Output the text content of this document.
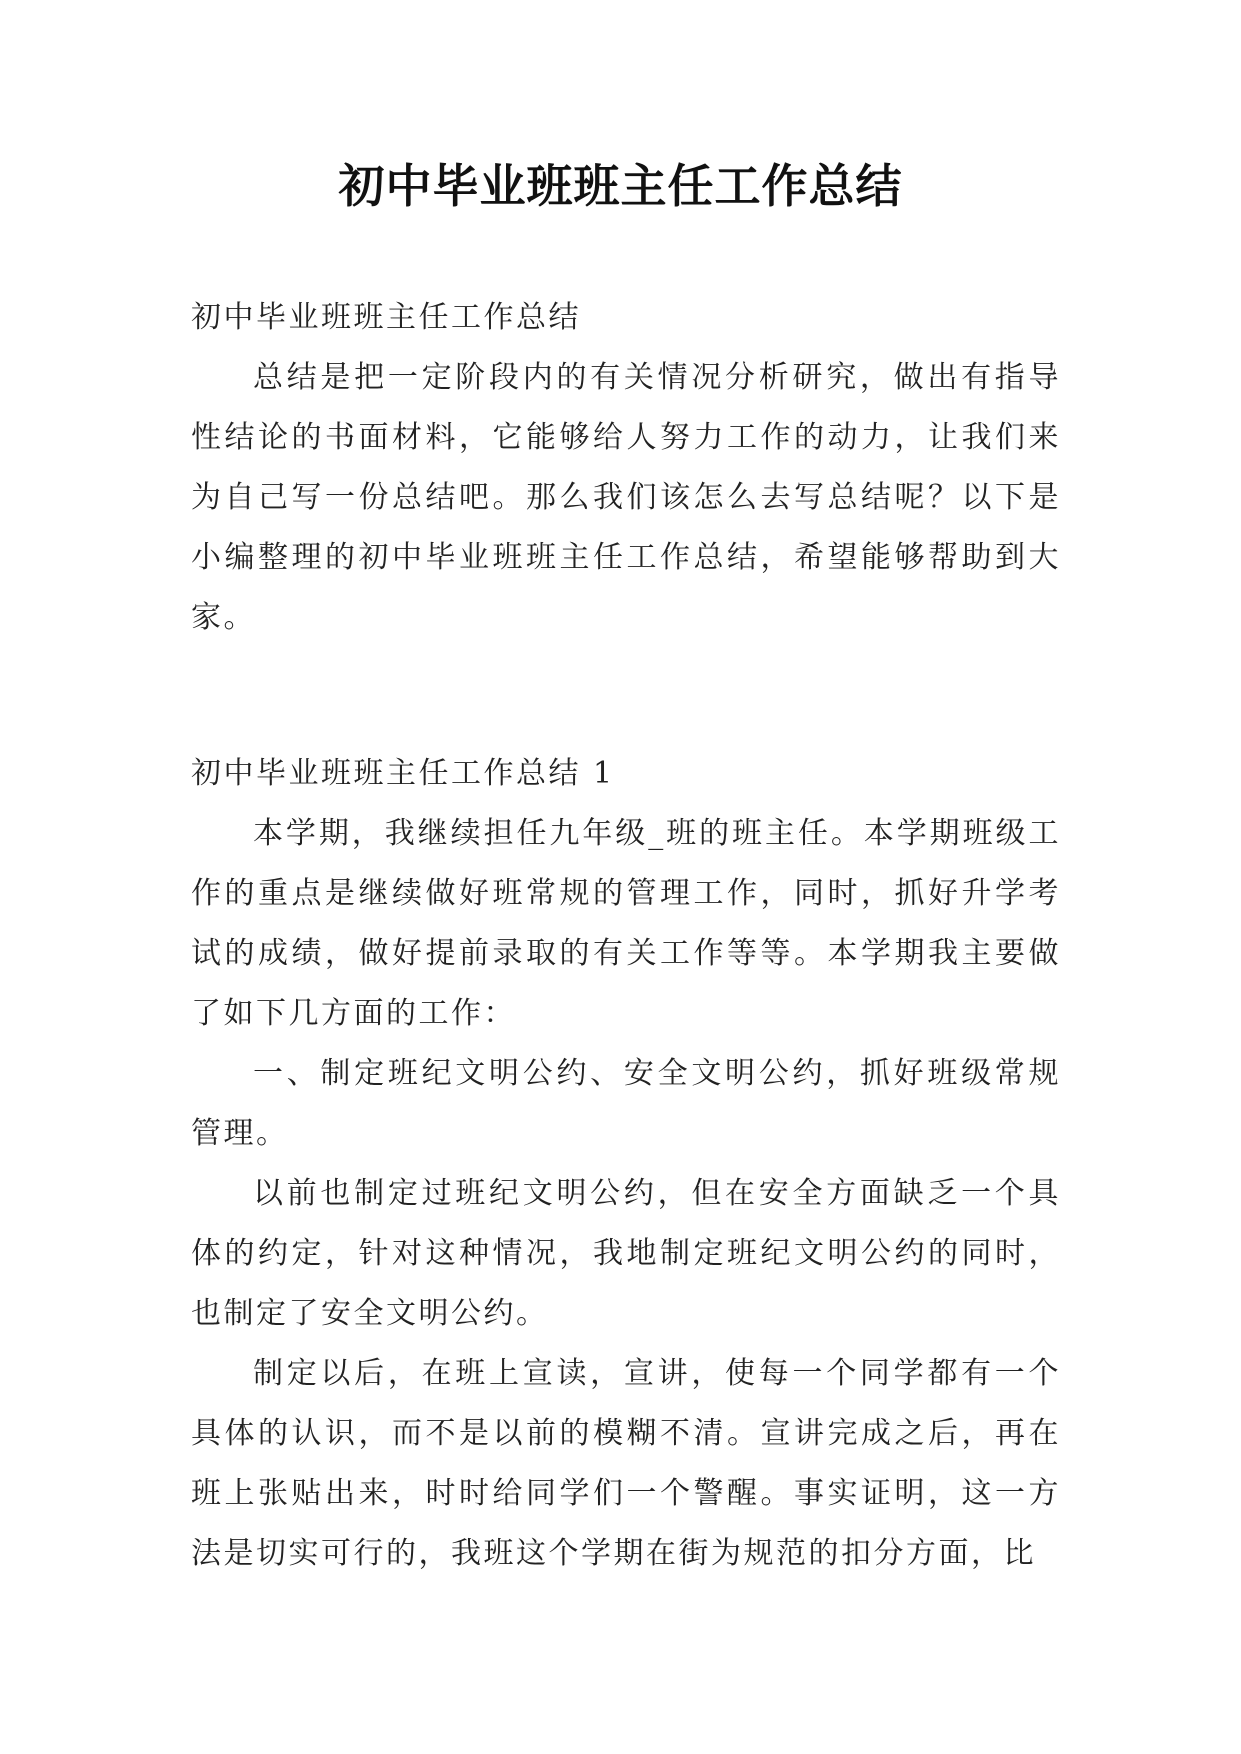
初中毕业班班主任工作总结

初中毕业班班主任工作总结

总结是把一定阶段内的有关情况分析研究，做出有指导性结论的书面材料，它能够给人努力工作的动力，让我们来为自己写一份总结吧。那么我们该怎么去写总结呢？以下是小编整理的初中毕业班班主任工作总结，希望能够帮助到大家。

初中毕业班班主任工作总结 1

本学期，我继续担任九年级_班的班主任。本学期班级工作的重点是继续做好班常规的管理工作，同时，抓好升学考试的成绩，做好提前录取的有关工作等等。本学期我主要做了如下几方面的工作：

一、制定班纪文明公约、安全文明公约，抓好班级常规管理。

以前也制定过班纪文明公约，但在安全方面缺乏一个具体的约定，针对这种情况，我地制定班纪文明公约的同时，也制定了安全文明公约。

制定以后，在班上宣读，宣讲，使每一个同学都有一个具体的认识，而不是以前的模糊不清。宣讲完成之后，再在班上张贴出来，时时给同学们一个警醒。事实证明，这一方法是切实可行的，我班这个学期在街为规范的扣分方面，比
